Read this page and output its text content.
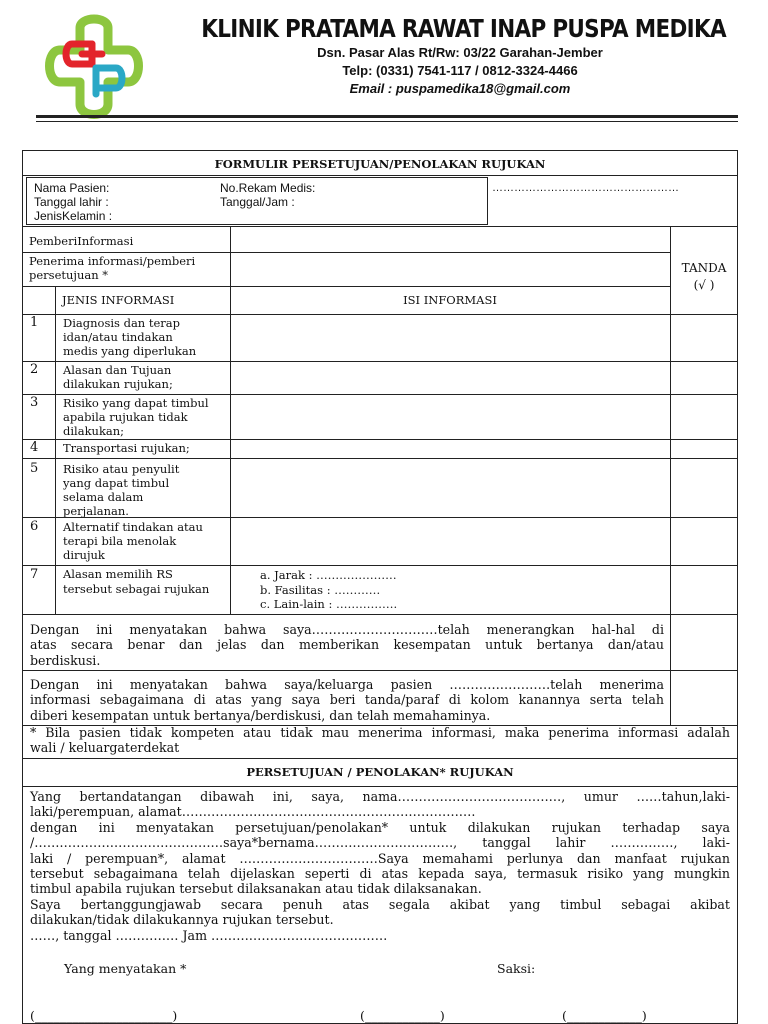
KLINIK PRATAMA RAWAT INAP PUSPA MEDIKA
Dsn. Pasar Alas Rt/Rw: 03/22 Garahan-Jember
Telp: (0331) 7541-117 / 0812-3324-4466
Email : puspamedika18@gmail.com
FORMULIR PERSETUJUAN/PENOLAKAN RUJUKAN
Nama Pasien:
Tanggal lahir :
JenisKelamin :
No.Rekam Medis:
Tanggal/Jam :
……………………………………………
PemberiInformasi
Penerima informasi/pemberi
persetujuan *	TANDA
(√ )
JENIS INFORMASI	ISI INFORMASI
1 Diagnosis dan terap
idan/atau tindakan
medis yang diperlukan
2 Alasan dan Tujuan
dilakukan rujukan;
3 Risiko yang dapat timbul
apabila rujukan tidak
dilakukan;
4 Transportasi rujukan;
5 Risiko atau penyulit
yang dapat timbul
selama dalam
perjalanan.
6 Alternatif tindakan atau
terapi bila menolak
dirujuk
7 Alasan memilih RS
tersebut sebagai rujukan
a. Jarak : …………………
b. Fasilitas : …………
c. Lain-lain : …………….
Dengan ini menyatakan bahwa saya…………………………telah menerangkan hal-hal di
atas secara benar dan jelas dan memberikan kesempatan untuk bertanya dan/atau
berdiskusi.
Dengan ini menyatakan bahwa saya/keluarga pasien ……………………telah menerima
informasi sebagaimana di atas yang saya beri tanda/paraf di kolom kanannya serta telah
diberi kesempatan untuk bertanya/berdiskusi, dan telah memahaminya.
* Bila pasien tidak kompeten atau tidak mau menerima informasi, maka penerima informasi adalah
wali / keluargaterdekat
PERSETUJUAN / PENOLAKAN* RUJUKAN
Yang bertandatangan dibawah ini, saya, nama…………………………………, umur ……tahun,laki-
laki/perempuan, alamat…………………………………………………………….
dengan ini menyatakan persetujuan/penolakan* untuk dilakukan rujukan terhadap saya
/………………………………………saya*bernama……………………………, tanggal lahir ……………, laki-
laki / perempuan*, alamat ……………………………Saya memahami perlunya dan manfaat rujukan
tersebut sebagaimana telah dijelaskan seperti di atas kepada saya, termasuk risiko yang mungkin
timbul apabila rujukan tersebut dilaksanakan atau tidak dilaksanakan.
Saya bertanggungjawab secara penuh atas segala akibat yang timbul sebagai akibat
dilakukan/tidak dilakukannya rujukan tersebut.
……, tanggal …………… Jam ……………………………………
Yang menyatakan *	Saksi:
(______________________)	(____________)	(____________)
